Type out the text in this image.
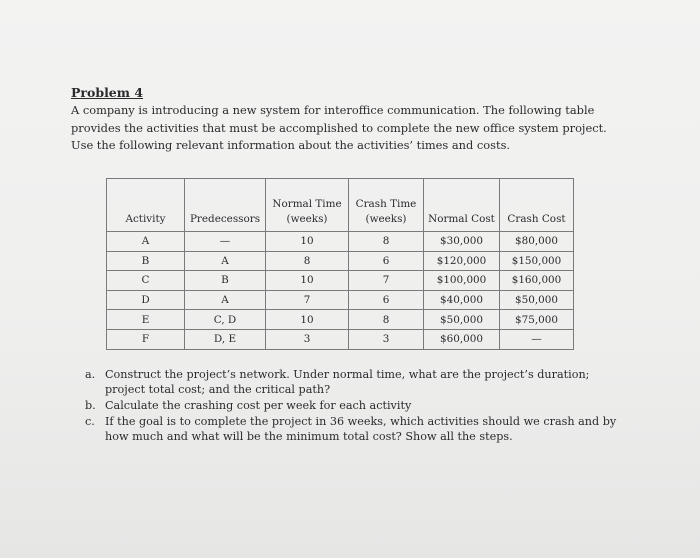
Problem 4
A company is introducing a new system for interoffice communication. The following table provides the activities that must be accomplished to complete the new office system project. Use the following relevant information about the activities’ times and costs.
Activity	Predecessors	Normal Time (weeks)	Crash Time (weeks)	Normal Cost	Crash Cost
A	—	10	8	$30,000	$80,000
B	A	8	6	$120,000	$150,000
C	B	10	7	$100,000	$160,000
D	A	7	6	$40,000	$50,000
E	C, D	10	8	$50,000	$75,000
F	D, E	3	3	$60,000	—
a. Construct the project’s network. Under normal time, what are the project’s duration; project total cost; and the critical path?
b. Calculate the crashing cost per week for each activity
c. If the goal is to complete the project in 36 weeks, which activities should we crash and by how much and what will be the minimum total cost? Show all the steps.
